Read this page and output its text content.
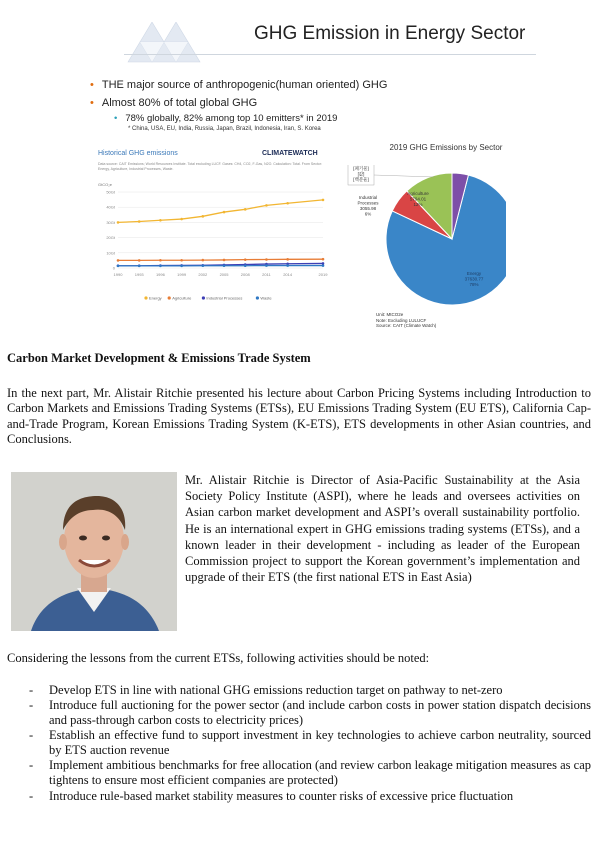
GHG Emission in Energy Sector
• THE major source of anthropogenic(human oriented) GHG
• Almost 80% of total global GHG
• 78% globally, 82% among top 10 emitters* in 2019
* China, USA, EU, India, Russia, Japan, Brazil, Indonesia, Iran, S. Korea
Historical GHG emissions	CLIMATEWATCH
Data source: CAIT Emissions; World Resources Institute. Total excluding LUCF. Gases: CH4, CO2, F-Gas, N2O. Calculation: Total. From Sector: Energy, Agriculture, Industrial Processes, Waste.
GtCO₂e
50Gt
40Gt
30Gt
20Gt
10Gt
0
1990	1993	1996	1999	2002	2005	2008	2011	2014	2019
Energy	Agriculture	Industrial Processes	Waste
2019 GHG Emissions by Sector
Energy
37630.77
78%
Agriculture
5794.01
12%
Industrial
Processes
3055.98
6%
[폐기물]
[값]
[백분율]
Unit: MtCO2e
Note: Excluding LULUCF
Source: CAIT (Climate Watch)
Carbon Market Development & Emissions Trade System
In the next part, Mr. Alistair Ritchie presented his lecture about Carbon Pricing Systems including Introduction to Carbon Markets and Emissions Trading Systems (ETSs), EU Emissions Trading System (EU ETS), California Cap-and-Trade Program, Korean Emissions Trading System (K-ETS), ETS developments in other Asian countries, and Conclusions.
Mr. Alistair Ritchie is Director of Asia-Pacific Sustainability at the Asia Society Policy Institute (ASPI), where he leads and oversees activities on Asian carbon market development and ASPI’s overall sustainability portfolio. He is an international expert in GHG emissions trading systems (ETSs), and a known leader in their development - including as leader of the European Commission project to support the Korean government’s implementation and upgrade of their ETS (the first national ETS in East Asia)
Considering the lessons from the current ETSs, following activities should be noted:
- Develop ETS in line with national GHG emissions reduction target on pathway to net-zero
- Introduce full auctioning for the power sector (and include carbon costs in power station dispatch decisions and pass-through carbon costs to electricity prices)
- Establish an effective fund to support investment in key technologies to achieve carbon neutrality, sourced by ETS auction revenue
- Implement ambitious benchmarks for free allocation (and review carbon leakage mitigation measures as cap tightens to ensure most efficient companies are protected)
- Introduce rule-based market stability measures to counter risks of excessive price fluctuation
